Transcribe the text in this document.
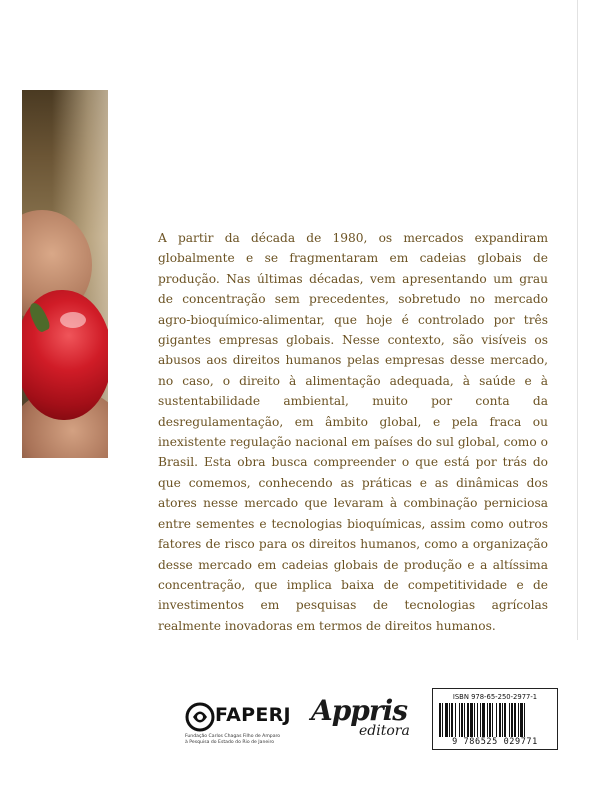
A partir da década de 1980, os mercados expandiram globalmente e se fragmentaram em cadeias globais de produção. Nas últimas décadas, vem apresentando um grau de concentração sem precedentes, sobretudo no mercado agro-bioquímico-alimentar, que hoje é controlado por três gigantes empresas globais. Nesse contexto, são visíveis os abusos aos direitos humanos pelas empresas desse mercado, no caso, o direito à alimentação adequada, à saúde e à sustentabilidade ambiental, muito por conta da desregulamentação, em âmbito global, e pela fraca ou inexistente regulação nacional em países do sul global, como o Brasil. Esta obra busca compreender o que está por trás do que comemos, conhecendo as práticas e as dinâmicas dos atores nesse mercado que levaram à combinação perniciosa entre sementes e tecnologias bioquímicas, assim como outros fatores de risco para os direitos humanos, como a organização desse mercado em cadeias globais de produção e a altíssima concentração, que implica baixa de competitividade e de investimentos em pesquisas de tecnologias agrícolas realmente inovadoras em termos de direitos humanos.

FAPERJ
Fundação Carlos Chagas Filho de Amparo
à Pesquisa do Estado do Rio de Janeiro
Appris
editora
ISBN 978-65-250-2977-1
9 786525 029771
